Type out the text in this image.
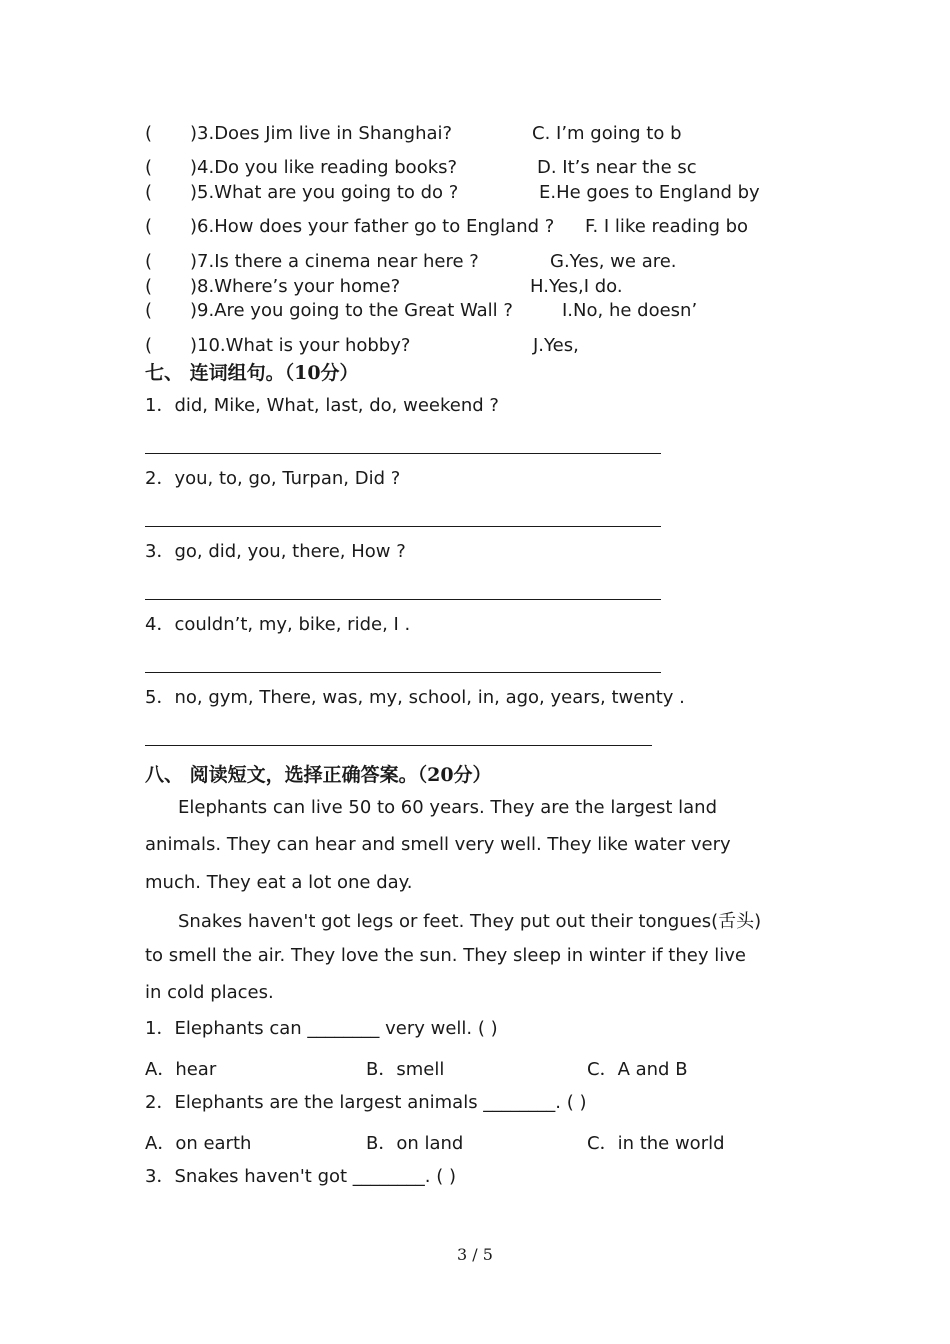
( )3.Does Jim live in Shanghai?	C. I’m going to b
( )4.Do you like reading books?	D. It’s near the sc
( )5.What are you going to do ?	E.He goes to England by
( )6.How does your father go to England ? F. I like reading bo
( )7.Is there a cinema near here ?	G.Yes, we are.
( )8.Where’s your home?	H.Yes,I do.
( )9.Are you going to the Great Wall ?	I.No, he doesn’
( )10.What is your hobby?	J.Yes,
七、 连词组句。（10分）
1．did, Mike, What, last, do, weekend ?
2．you, to, go, Turpan, Did ?
3．go, did, you, there, How ?
4．couldn’t, my, bike, ride, I .
5．no, gym, There, was, my, school, in, ago, years, twenty .
八、 阅读短文，选择正确答案。（20分）
Elephants can live 50 to 60 years. They are the largest land
animals. They can hear and smell very well. They like water very
much. They eat a lot one day.
Snakes haven't got legs or feet. They put out their tongues(舌头)
to smell the air. They love the sun. They sleep in winter if they live
in cold places.
1．Elephants can ________ very well. ( )
A．hear	B．smell	C．A and B
2．Elephants are the largest animals ________. ( )
A．on earth	B．on land	C．in the world
3．Snakes haven't got ________. ( )
3 / 5
